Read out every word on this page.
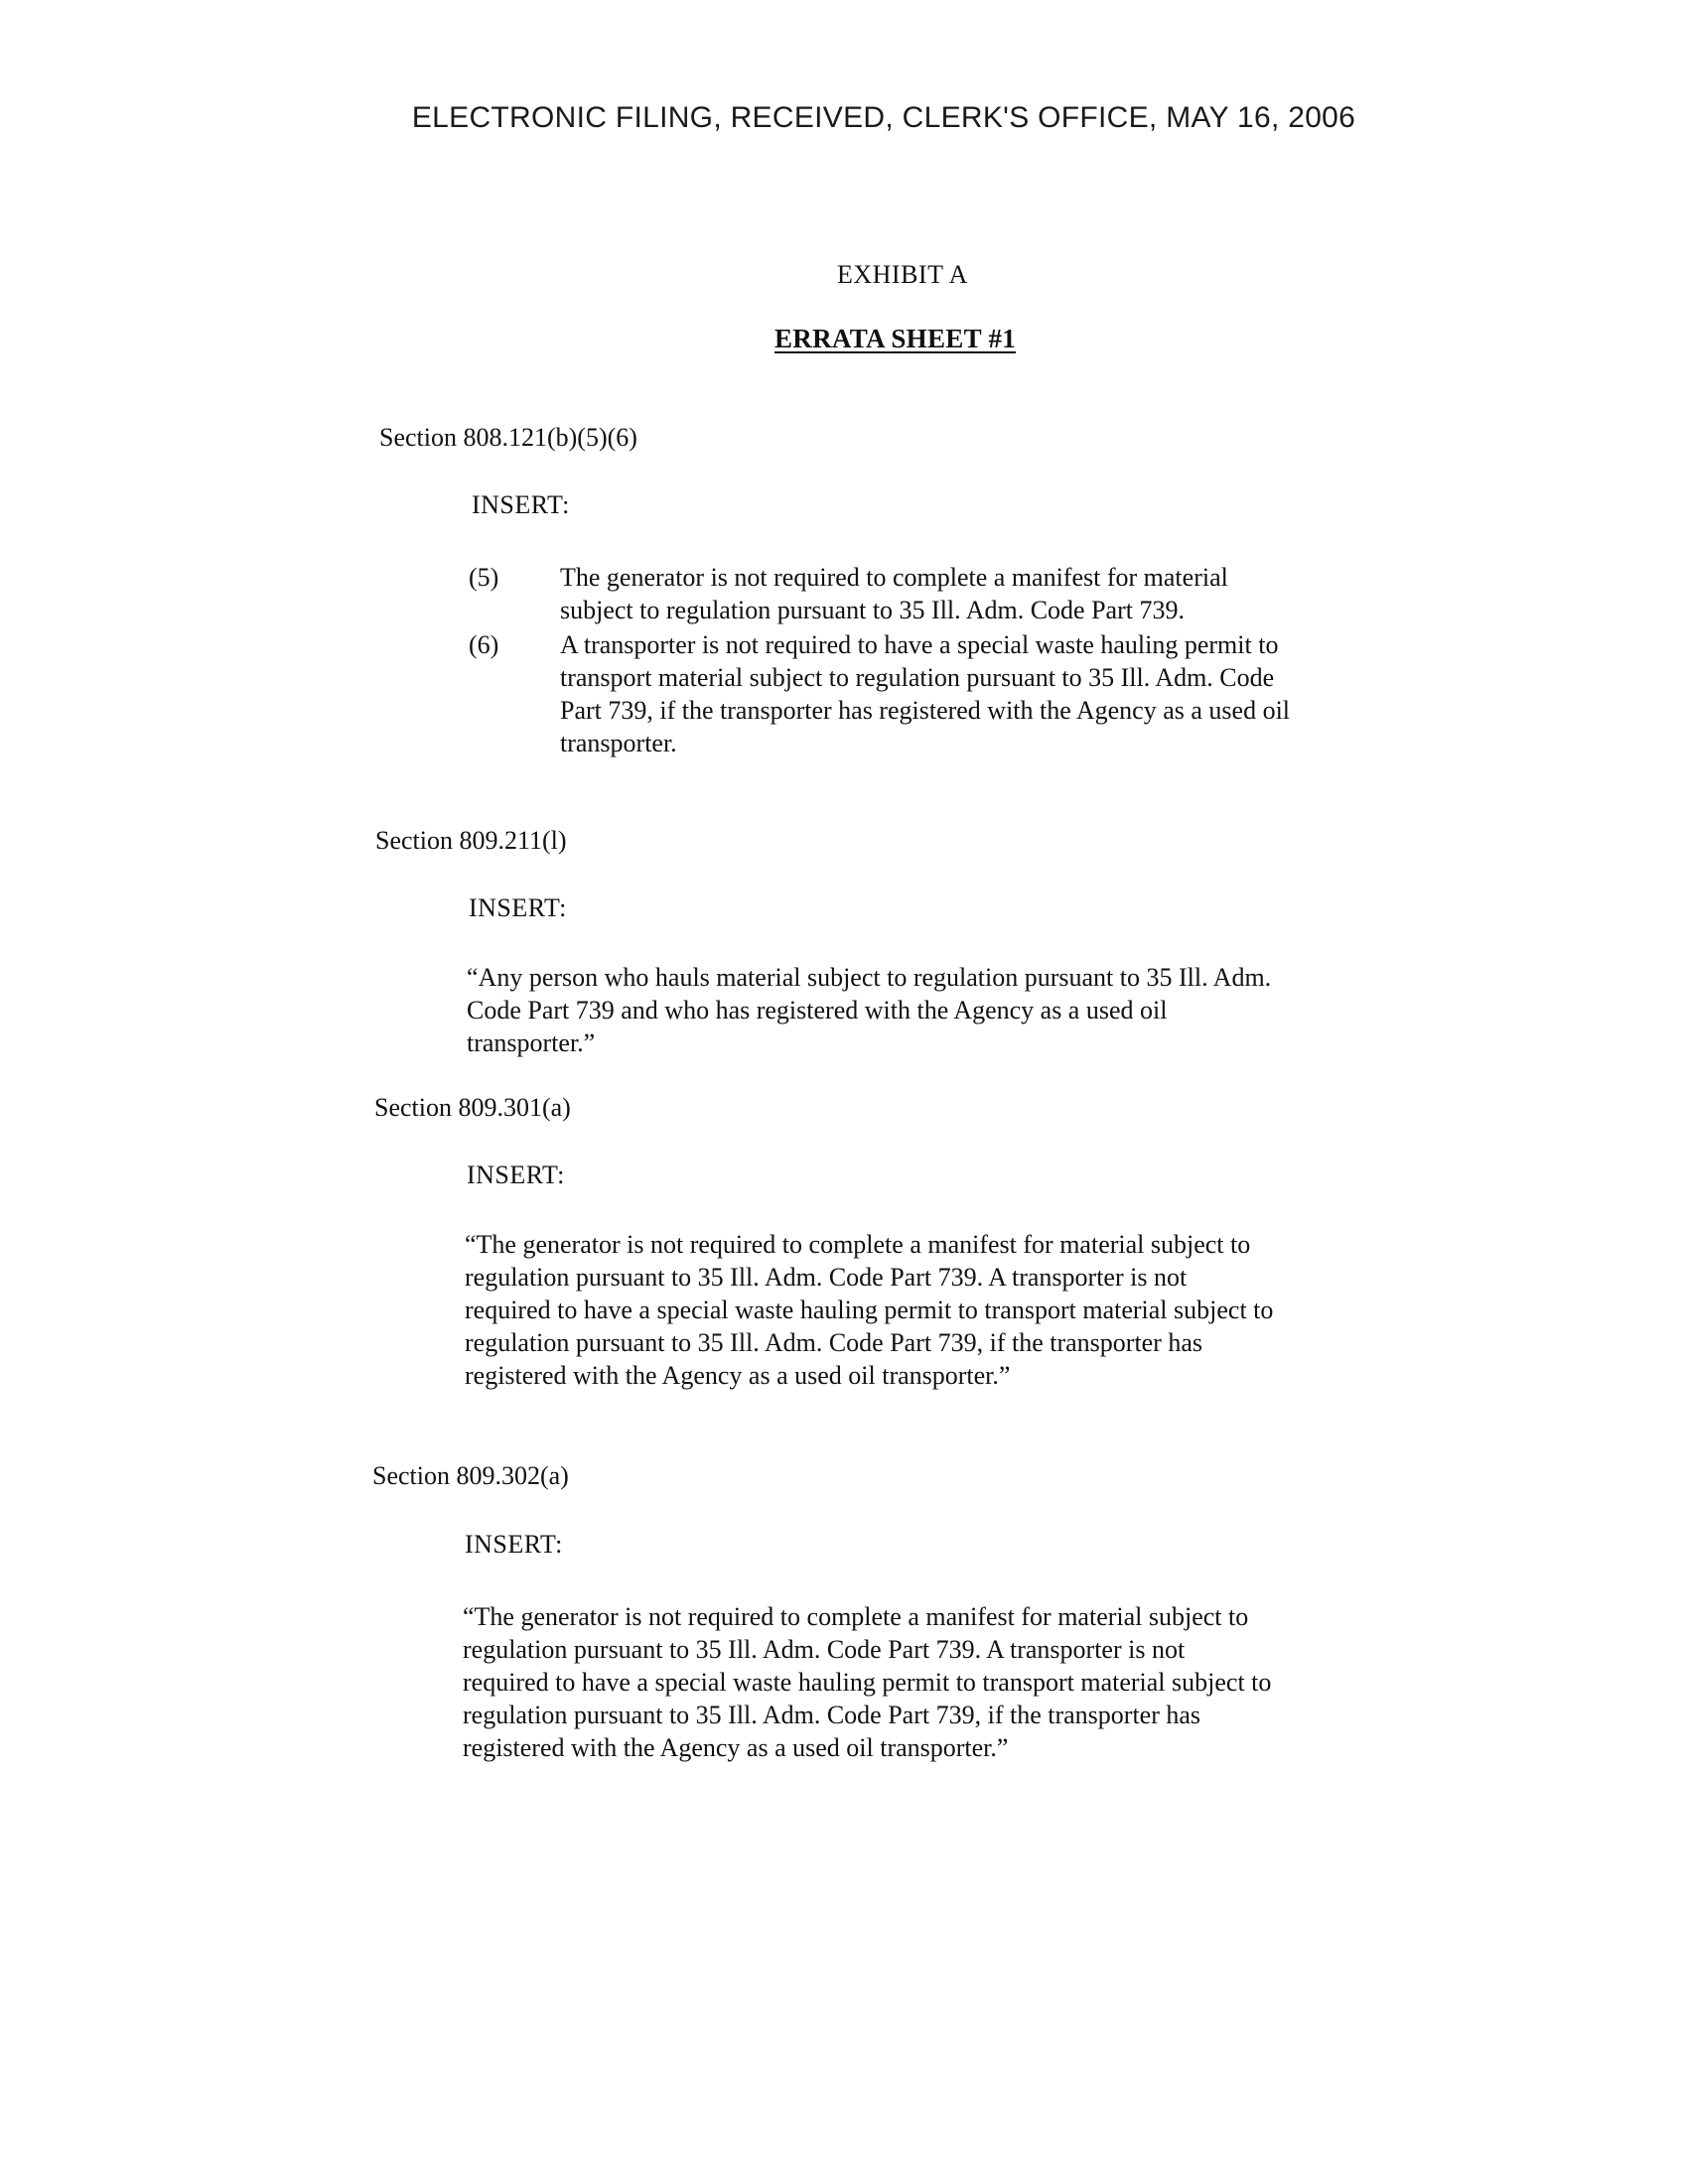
ELECTRONIC FILING, RECEIVED, CLERK'S OFFICE, MAY 16, 2006
EXHIBIT A
ERRATA SHEET #1
Section 808.121(b)(5)(6)
INSERT:
(5) The generator is not required to complete a manifest for material
subject to regulation pursuant to 35 Ill. Adm. Code Part 739.
(6) A transporter is not required to have a special waste hauling permit to
transport material subject to regulation pursuant to 35 Ill. Adm. Code
Part 739, if the transporter has registered with the Agency as a used oil
transporter.
Section 809.211(l)
INSERT:
“Any person who hauls material subject to regulation pursuant to 35 Ill. Adm.
Code Part 739 and who has registered with the Agency as a used oil
transporter.”
Section 809.301(a)
INSERT:
“The generator is not required to complete a manifest for material subject to
regulation pursuant to 35 Ill. Adm. Code Part 739. A transporter is not
required to have a special waste hauling permit to transport material subject to
regulation pursuant to 35 Ill. Adm. Code Part 739, if the transporter has
registered with the Agency as a used oil transporter.”
Section 809.302(a)
INSERT:
“The generator is not required to complete a manifest for material subject to
regulation pursuant to 35 Ill. Adm. Code Part 739. A transporter is not
required to have a special waste hauling permit to transport material subject to
regulation pursuant to 35 Ill. Adm. Code Part 739, if the transporter has
registered with the Agency as a used oil transporter.”
